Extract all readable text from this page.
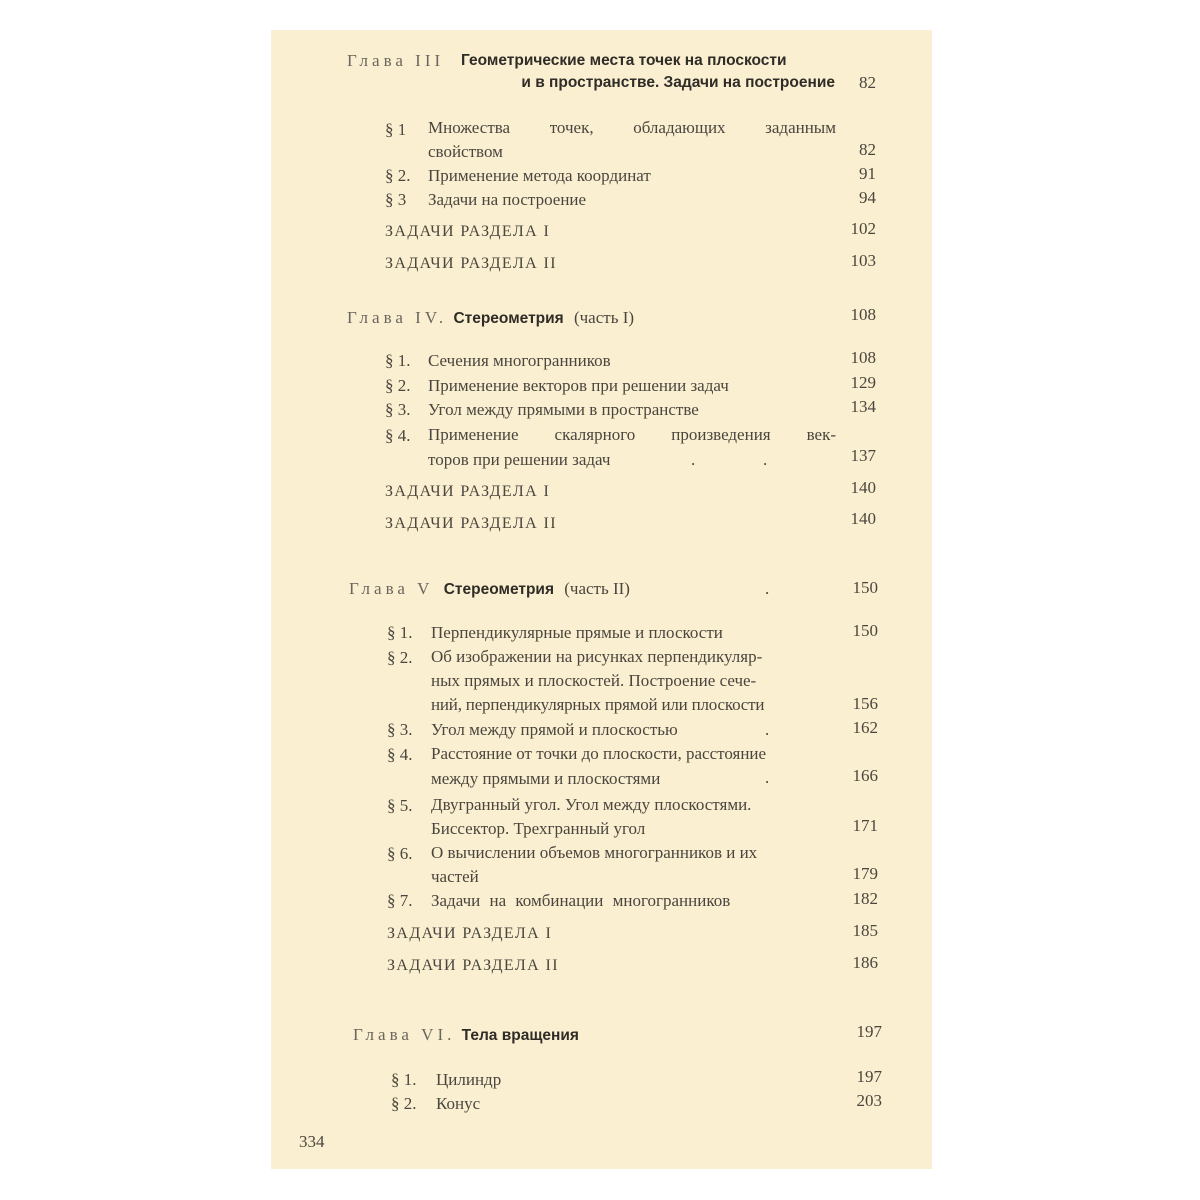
Глава III Геометрические места точек на плоскости
и в пространстве. Задачи на построение	82
§ 1 Множества точек, обладающих заданным
свойством	82
§ 2. Применение метода координат	91
§ 3 Задачи на построение	94
ЗАДАЧИ РАЗДЕЛА I	102
ЗАДАЧИ РАЗДЕЛА II	103
Глава IV. Стереометрия (часть I)	108
§ 1. Сечения многогранников	108
§ 2. Применение векторов при решении задач	129
§ 3. Угол между прямыми в пространстве	134
§ 4. Применение скалярного произведения век-
торов при решении задач	.	.	137
ЗАДАЧИ РАЗДЕЛА I	140
ЗАДАЧИ РАЗДЕЛА II	140
Глава V Стереометрия (часть II)	.	150
§ 1. Перпендикулярные прямые и плоскости	150
§ 2. Об изображении на рисунках перпендикуляр-
ных прямых и плоскостей. Построение сече-
ний, перпендикулярных прямой или плоскости	156
§ 3. Угол между прямой и плоскостью	.	162
§ 4. Расстояние от точки до плоскости, расстояние
между прямыми и плоскостями	.	166
§ 5. Двугранный угол. Угол между плоскостями.
Биссектор. Трехгранный угол	171
§ 6. О вычислении объемов многогранников и их
частей	179
§ 7. Задачи на комбинации многогранников	182
ЗАДАЧИ РАЗДЕЛА I	185
ЗАДАЧИ РАЗДЕЛА II	186
Глава VI. Тела вращения	197
§ 1. Цилиндр	197
§ 2. Конус	203
334
